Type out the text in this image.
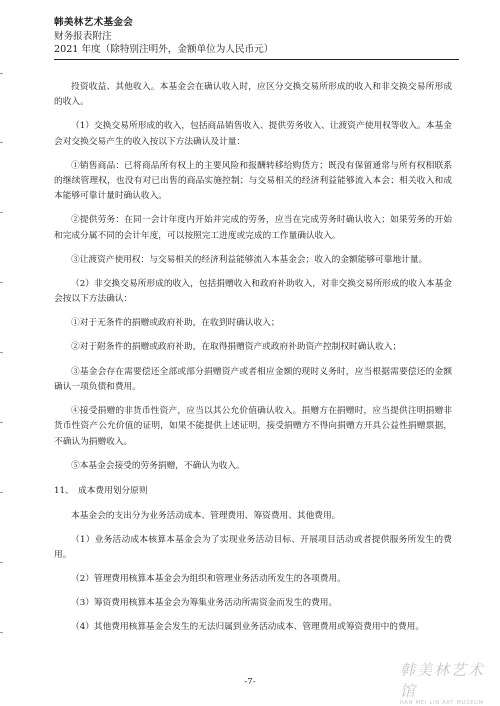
韩美林艺术基金会
财务报表附注
2021 年度（除特别注明外，金额单位为人民币元）

投资收益、其他收入。本基金会在确认收入时，应区分交换交易所形成的收入和非交换交易所形成的收入。

（1）交换交易所形成的收入，包括商品销售收入、提供劳务收入、让渡资产使用权等收入。本基金会对交换交易产生的收入按以下方法确认及计量：

①销售商品：已将商品所有权上的主要风险和报酬转移给购货方；既没有保留通常与所有权相联系的继续管理权，也没有对已出售的商品实施控制；与交易相关的经济利益能够流入本会；相关收入和成本能够可靠计量时确认收入。

②提供劳务：在同一会计年度内开始并完成的劳务，应当在完成劳务时确认收入；如果劳务的开始和完成分属不同的会计年度，可以按照完工进度或完成的工作量确认收入。

③让渡资产使用权：与交易相关的经济利益能够流入本基金会；收入的金额能够可靠地计量。

（2）非交换交易所形成的收入，包括捐赠收入和政府补助收入，对非交换交易所形成的收入本基金会按以下方法确认：

①对于无条件的捐赠或政府补助，在收到时确认收入；

②对于附条件的捐赠或政府补助，在取得捐赠资产或政府补助资产控制权时确认收入；

③基金会存在需要偿还全部或部分捐赠资产或者相应金额的现时义务时，应当根据需要偿还的金额确认一项负债和费用。

④接受捐赠的非货币性资产，应当以其公允价值确认收入。捐赠方在捐赠时，应当提供注明捐赠非货币性资产公允价值的证明，如果不能提供上述证明，接受捐赠方不得向捐赠方开具公益性捐赠票据，不确认为捐赠收入。

⑤本基金会接受的劳务捐赠，不确认为收入。

11、 成本费用划分原则

本基金会的支出分为业务活动成本、管理费用、筹资费用、其他费用。

（1）业务活动成本核算本基金会为了实现业务活动目标、开展项目活动或者提供服务所发生的费用。

（2）管理费用核算本基金会为组织和管理业务活动所发生的各项费用。

（3）筹资费用核算本基金会为筹集业务活动所需资金而发生的费用。

（4）其他费用核算基金会发生的无法归属到业务活动成本、管理费用或筹资费用中的费用。

-7-
韩美林艺术馆
HAN MEI LIN ART MUSEUM
